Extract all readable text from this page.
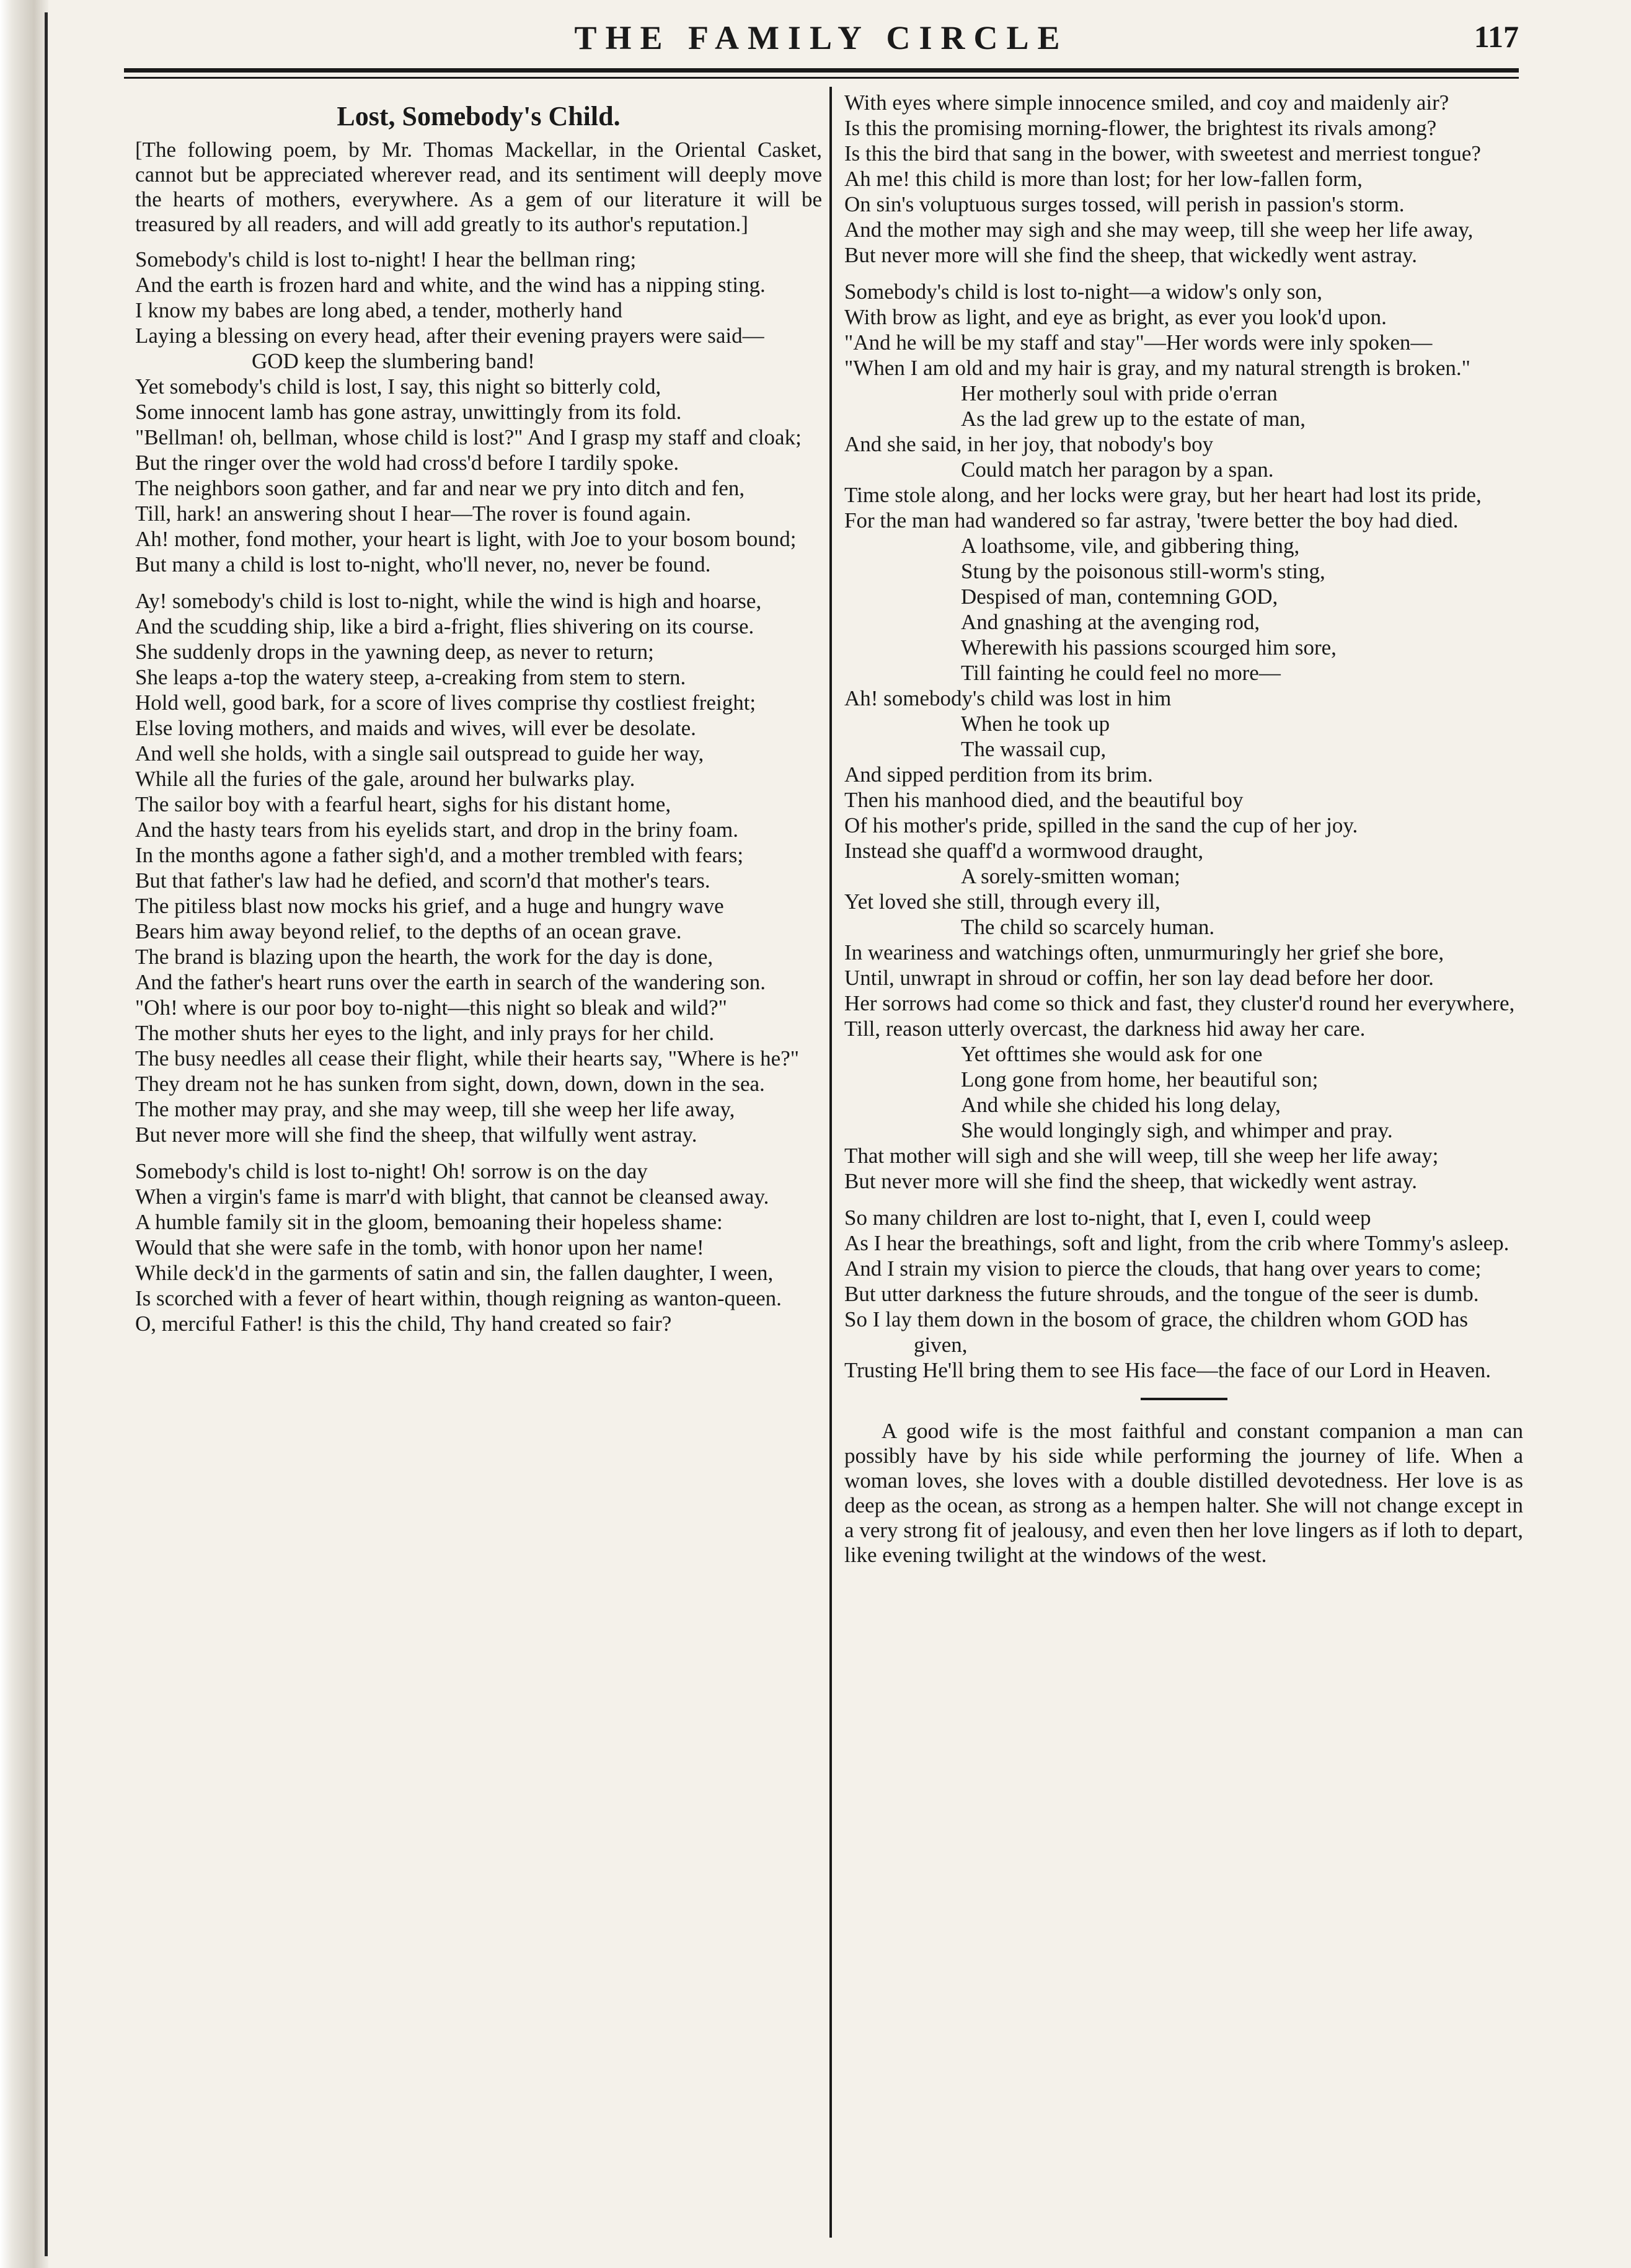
THE FAMILY CIRCLE	117
Lost, Somebody's Child.
[The following poem, by Mr. Thomas Mackellar, in the Oriental Casket, cannot but be appreciated wherever read, and its sentiment will deeply move the hearts of mothers, everywhere. As a gem of our literature it will be treasured by all readers, and will add greatly to its author's reputation.]
Somebody's child is lost to-night! I hear the bellman ring;
And the earth is frozen hard and white, and the wind has a nipping sting.
I know my babes are long abed, a tender, motherly hand
Laying a blessing on every head, after their evening prayers were said—
GOD keep the slumbering band!
Yet somebody's child is lost, I say, this night so bitterly cold,
Some innocent lamb has gone astray, unwittingly from its fold.
"Bellman! oh, bellman, whose child is lost?" And I grasp my staff and cloak;
But the ringer over the wold had cross'd before I tardily spoke.
The neighbors soon gather, and far and near we pry into ditch and fen,
Till, hark! an answering shout I hear—The rover is found again.
Ah! mother, fond mother, your heart is light, with Joe to your bosom bound;
But many a child is lost to-night, who'll never, no, never be found.
Ay! somebody's child is lost to-night, while the wind is high and hoarse,
And the scudding ship, like a bird a-fright, flies shivering on its course.
She suddenly drops in the yawning deep, as never to return;
She leaps a-top the watery steep, a-creaking from stem to stern.
Hold well, good bark, for a score of lives comprise thy costliest freight;
Else loving mothers, and maids and wives, will ever be desolate.
And well she holds, with a single sail outspread to guide her way,
While all the furies of the gale, around her bulwarks play.
The sailor boy with a fearful heart, sighs for his distant home,
And the hasty tears from his eyelids start, and drop in the briny foam.
In the months agone a father sigh'd, and a mother trembled with fears;
But that father's law had he defied, and scorn'd that mother's tears.
The pitiless blast now mocks his grief, and a huge and hungry wave
Bears him away beyond relief, to the depths of an ocean grave.
The brand is blazing upon the hearth, the work for the day is done,
And the father's heart runs over the earth in search of the wandering son.
"Oh! where is our poor boy to-night—this night so bleak and wild?"
The mother shuts her eyes to the light, and inly prays for her child.
The busy needles all cease their flight, while their hearts say, "Where is he?"
They dream not he has sunken from sight, down, down, down in the sea.
The mother may pray, and she may weep, till she weep her life away,
But never more will she find the sheep, that wilfully went astray.
Somebody's child is lost to-night! Oh! sorrow is on the day
When a virgin's fame is marr'd with blight, that cannot be cleansed away.
A humble family sit in the gloom, bemoaning their hopeless shame:
Would that she were safe in the tomb, with honor upon her name!
While deck'd in the garments of satin and sin, the fallen daughter, I ween,
Is scorched with a fever of heart within, though reigning as wanton-queen.
O, merciful Father! is this the child, Thy hand created so fair?
With eyes where simple innocence smiled, and coy and maidenly air?
Is this the promising morning-flower, the brightest its rivals among?
Is this the bird that sang in the bower, with sweetest and merriest tongue?
Ah me! this child is more than lost; for her low-fallen form,
On sin's voluptuous surges tossed, will perish in passion's storm.
And the mother may sigh and she may weep, till she weep her life away,
But never more will she find the sheep, that wickedly went astray.
Somebody's child is lost to-night—a widow's only son,
With brow as light, and eye as bright, as ever you look'd upon.
"And he will be my staff and stay"—Her words were inly spoken—
"When I am old and my hair is gray, and my natural strength is broken."
Her motherly soul with pride o'erran
As the lad grew up to the estate of man,
And she said, in her joy, that nobody's boy
Could match her paragon by a span.
Time stole along, and her locks were gray, but her heart had lost its pride,
For the man had wandered so far astray, 'twere better the boy had died.
A loathsome, vile, and gibbering thing,
Stung by the poisonous still-worm's sting,
Despised of man, contemning GOD,
And gnashing at the avenging rod,
Wherewith his passions scourged him sore,
Till fainting he could feel no more—
Ah! somebody's child was lost in him
When he took up
The wassail cup,
And sipped perdition from its brim.
Then his manhood died, and the beautiful boy
Of his mother's pride, spilled in the sand the cup of her joy.
Instead she quaff'd a wormwood draught,
A sorely-smitten woman;
Yet loved she still, through every ill,
The child so scarcely human.
In weariness and watchings often, unmurmuringly her grief she bore,
Until, unwrapt in shroud or coffin, her son lay dead before her door.
Her sorrows had come so thick and fast, they cluster'd round her everywhere,
Till, reason utterly overcast, the darkness hid away her care.
Yet ofttimes she would ask for one
Long gone from home, her beautiful son;
And while she chided his long delay,
She would longingly sigh, and whimper and pray.
That mother will sigh and she will weep, till she weep her life away;
But never more will she find the sheep, that wickedly went astray.
So many children are lost to-night, that I, even I, could weep
As I hear the breathings, soft and light, from the crib where Tommy's asleep.
And I strain my vision to pierce the clouds, that hang over years to come;
But utter darkness the future shrouds, and the tongue of the seer is dumb.
So I lay them down in the bosom of grace, the children whom GOD has given,
Trusting He'll bring them to see His face—the face of our Lord in Heaven.
A good wife is the most faithful and constant companion a man can possibly have by his side while performing the journey of life. When a woman loves, she loves with a double distilled devotedness. Her love is as deep as the ocean, as strong as a hempen halter. She will not change except in a very strong fit of jealousy, and even then her love lingers as if loth to depart, like evening twilight at the windows of the west.
